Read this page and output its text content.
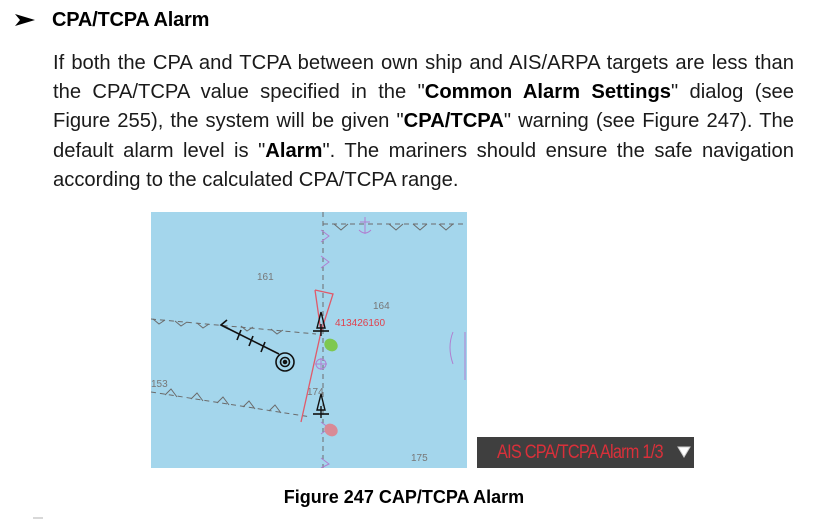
CPA/TCPA Alarm

If both the CPA and TCPA between own ship and AIS/ARPA targets are less than the CPA/TCPA value specified in the "Common Alarm Settings" dialog (see Figure 255), the system will be given "CPA/TCPA" warning (see Figure 247). The default alarm level is "Alarm". The mariners should ensure the safe navigation according to the calculated CPA/TCPA range.

161
164
153
174
175
413426160
AIS CPA/TCPA Alarm 1/3
Figure 247 CAP/TCPA Alarm
